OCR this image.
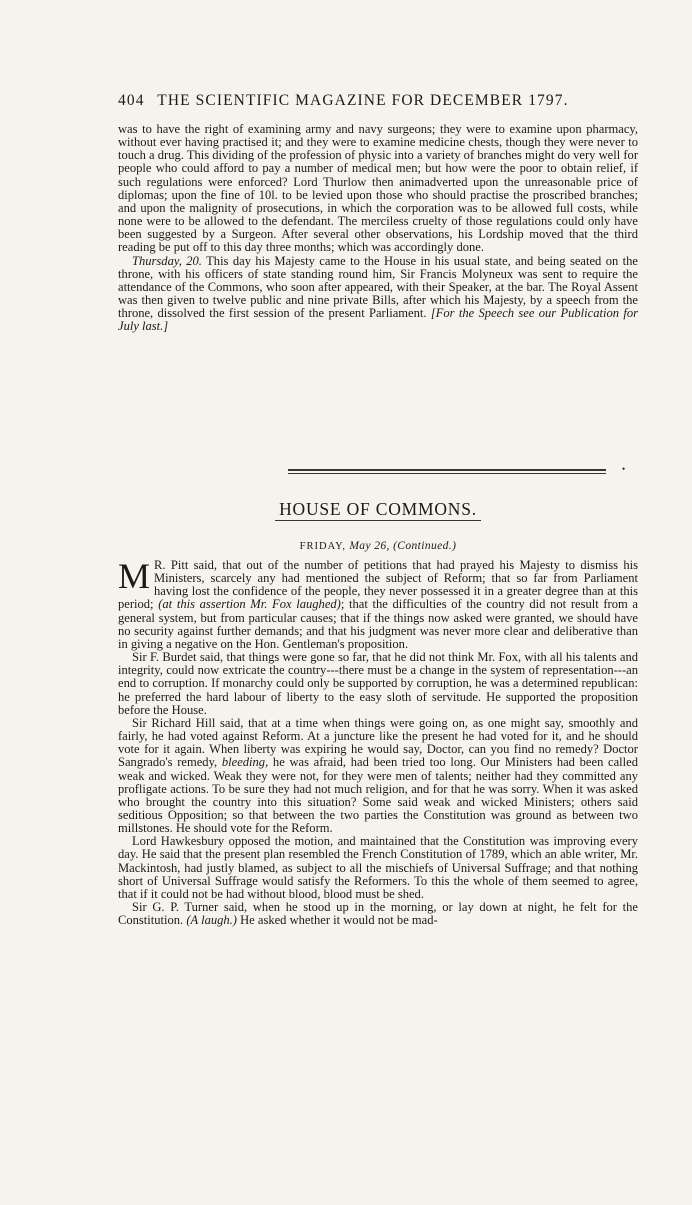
404 THE SCIENTIFIC MAGAZINE FOR DECEMBER 1797.

was to have the right of examining army and navy surgeons; they were to examine upon pharmacy, without ever having practised it; and they were to examine medicine chests, though they were never to touch a drug. This dividing of the profession of physic into a variety of branches might do very well for people who could afford to pay a number of medical men; but how were the poor to obtain relief, if such regulations were enforced? Lord Thurlow then animadverted upon the unreasonable price of diplomas; upon the fine of 10l. to be levied upon those who should practise the proscribed branches; and upon the malignity of prosecutions, in which the corporation was to be allowed full costs, while none were to be allowed to the defendant. The merciless cruelty of those regulations could only have been suggested by a Surgeon. After several other observations, his Lordship moved that the third reading be put off to this day three months; which was accordingly done.

Thursday, 20. This day his Majesty came to the House in his usual state, and being seated on the throne, with his officers of state standing round him, Sir Francis Molyneux was sent to require the attendance of the Commons, who soon after appeared, with their Speaker, at the bar. The Royal Assent was then given to twelve public and nine private Bills, after which his Majesty, by a speech from the throne, dissolved the first session of the present Parliament. [For the Speech see our Publication for July last.]

•
HOUSE OF COMMONS.
FRIDAY, May 26, (Continued.)

M R. Pitt said, that out of the number of petitions that had prayed his Majesty to dismiss his Ministers, scarcely any had mentioned the subject of Reform; that so far from Parliament having lost the confidence of the people, they never possessed it in a greater degree than at this period; (at this assertion Mr. Fox laughed); that the difficulties of the country did not result from a general system, but from particular causes; that if the things now asked were granted, we should have no security against further demands; and that his judgment was never more clear and deliberative than in giving a negative on the Hon. Gentleman's proposition.

Sir F. Burdet said, that things were gone so far, that he did not think Mr. Fox, with all his talents and integrity, could now extricate the country---there must be a change in the system of representation---an end to corruption. If monarchy could only be supported by corruption, he was a determined republican: he preferred the hard labour of liberty to the easy sloth of servitude. He supported the proposition before the House.

Sir Richard Hill said, that at a time when things were going on, as one might say, smoothly and fairly, he had voted against Reform. At a juncture like the present he had voted for it, and he should vote for it again. When liberty was expiring he would say, Doctor, can you find no remedy? Doctor Sangrado's remedy, bleeding, he was afraid, had been tried too long. Our Ministers had been called weak and wicked. Weak they were not, for they were men of talents; neither had they committed any profligate actions. To be sure they had not much religion, and for that he was sorry. When it was asked who brought the country into this situation? Some said weak and wicked Ministers; others said seditious Opposition; so that between the two parties the Constitution was ground as between two millstones. He should vote for the Reform.

Lord Hawkesbury opposed the motion, and maintained that the Constitution was improving every day. He said that the present plan resembled the French Constitution of 1789, which an able writer, Mr. Mackintosh, had justly blamed, as subject to all the mischiefs of Universal Suffrage; and that nothing short of Universal Suffrage would satisfy the Reformers. To this the whole of them seemed to agree, that if it could not be had without blood, blood must be shed.

Sir G. P. Turner said, when he stood up in the morning, or lay down at night, he felt for the Constitution. (A laugh.) He asked whether it would not be mad-
